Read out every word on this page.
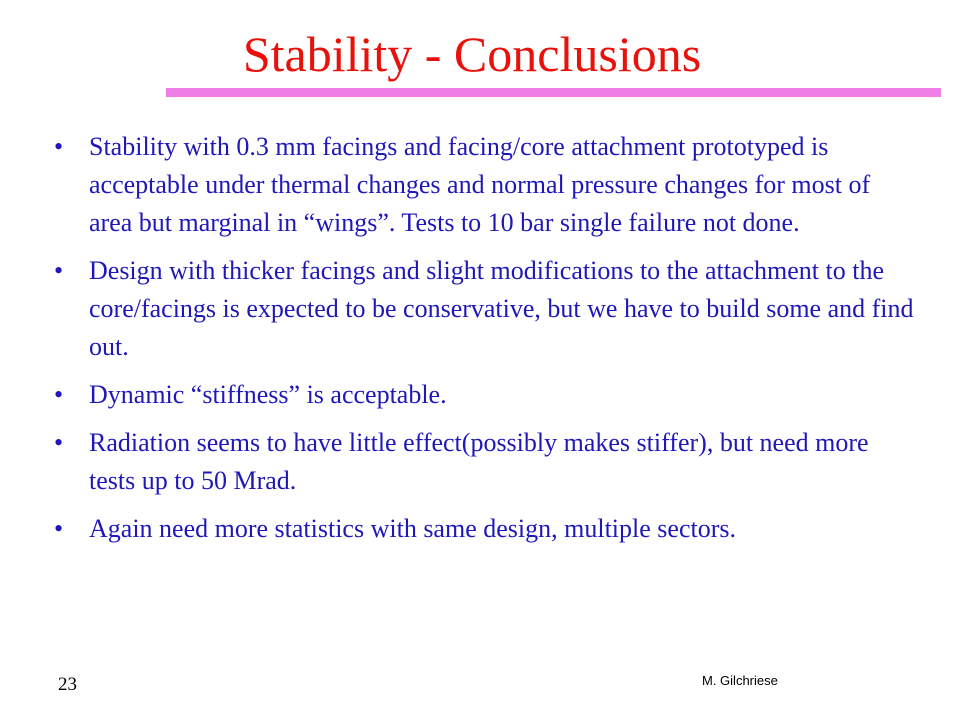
Stability - Conclusions
• Stability with 0.3 mm facings and facing/core attachment prototyped is acceptable under thermal changes and normal pressure changes for most of area but marginal in “wings”. Tests to 10 bar single failure not done.
• Design with thicker facings and slight modifications to the attachment to the core/facings is expected to be conservative, but we have to build some and find out.
• Dynamic “stiffness” is acceptable.
• Radiation seems to have little effect(possibly makes stiffer), but need more tests up to 50 Mrad.
• Again need more statistics with same design, multiple sectors.
23	M. Gilchriese
